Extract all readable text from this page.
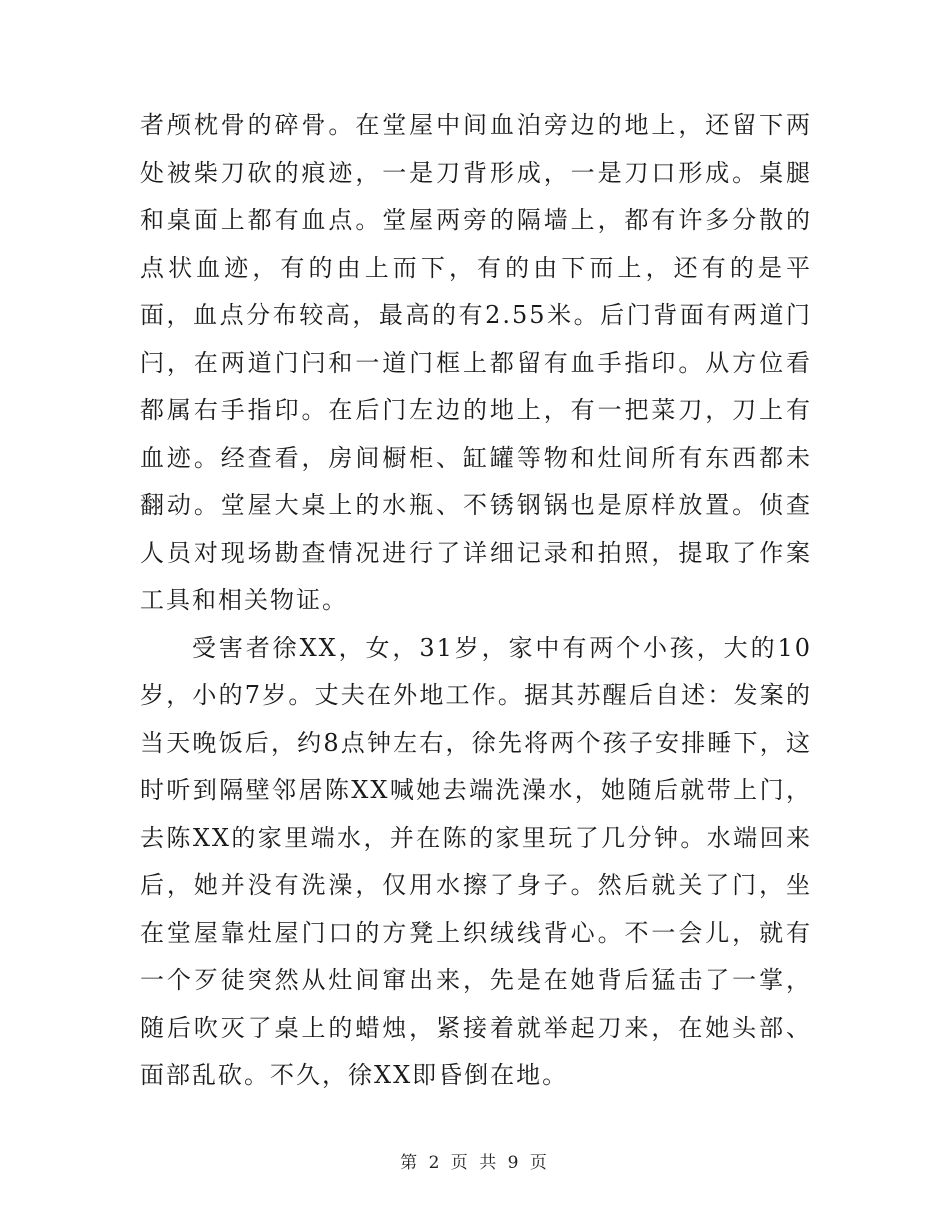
者颅枕骨的碎骨。在堂屋中间血泊旁边的地上，还留下两处被柴刀砍的痕迹，一是刀背形成，一是刀口形成。桌腿和桌面上都有血点。堂屋两旁的隔墙上，都有许多分散的点状血迹，有的由上而下，有的由下而上，还有的是平面，血点分布较高，最高的有2.55米。后门背面有两道门闩，在两道门闩和一道门框上都留有血手指印。从方位看都属右手指印。在后门左边的地上，有一把菜刀，刀上有血迹。经查看，房间橱柜、缸罐等物和灶间所有东西都未翻动。堂屋大桌上的水瓶、不锈钢锅也是原样放置。侦查人员对现场勘查情况进行了详细记录和拍照，提取了作案工具和相关物证。

受害者徐XX，女，31岁，家中有两个小孩，大的10岁，小的7岁。丈夫在外地工作。据其苏醒后自述：发案的当天晚饭后，约8点钟左右，徐先将两个孩子安排睡下，这时听到隔壁邻居陈XX喊她去端洗澡水，她随后就带上门，去陈XX的家里端水，并在陈的家里玩了几分钟。水端回来后，她并没有洗澡，仅用水擦了身子。然后就关了门，坐在堂屋靠灶屋门口的方凳上织绒线背心。不一会儿，就有一个歹徒突然从灶间窜出来，先是在她背后猛击了一掌，随后吹灭了桌上的蜡烛，紧接着就举起刀来，在她头部、面部乱砍。不久，徐XX即昏倒在地。

第 2 页 共 9 页
